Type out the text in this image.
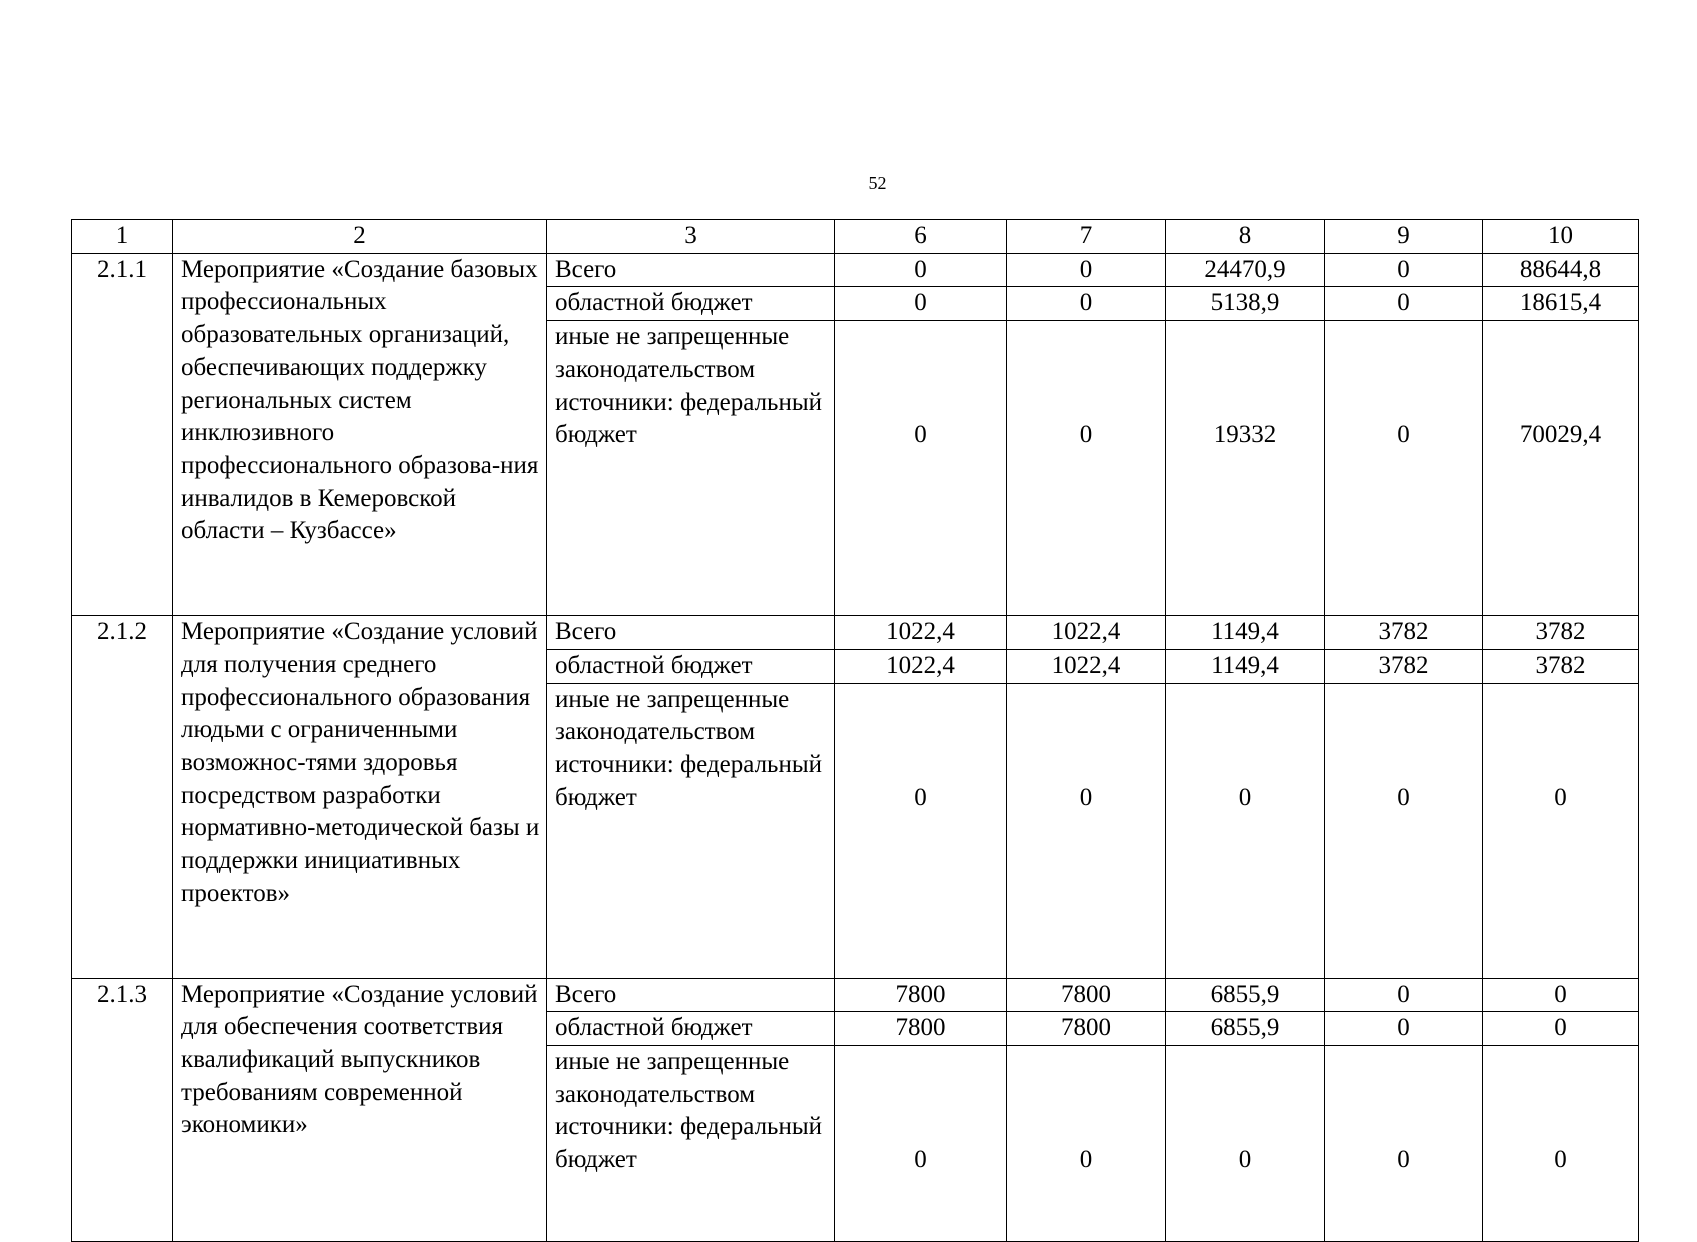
52
1	2	3	6	7	8	9	10
2.1.1	Мероприятие «Создание базовых профессиональных образовательных организаций, обеспечивающих поддержку региональных систем инклюзивного профессионального образова-ния инвалидов в Кемеровской области – Кузбассе»	Всего	0	0	24470,9	0	88644,8
		областной бюджет	0	0	5138,9	0	18615,4
		иные не запрещенные законодательством источники: федеральный бюджет	0	0	19332	0	70029,4

2.1.2	Мероприятие «Создание условий для получения среднего профессионального образования людьми с ограниченными возможнос-тями здоровья посредством разработки нормативно-методической базы и поддержки инициативных проектов»	Всего	1022,4	1022,4	1149,4	3782	3782
		областной бюджет	1022,4	1022,4	1149,4	3782	3782
		иные не запрещенные законодательством источники: федеральный бюджет	0	0	0	0	0

2.1.3	Мероприятие «Создание условий для обеспечения соответствия квалификаций выпускников требованиям современной экономики»	Всего	7800	7800	6855,9	0	0
		областной бюджет	7800	7800	6855,9	0	0
		иные не запрещенные законодательством источники: федеральный бюджет	0	0	0	0	0
